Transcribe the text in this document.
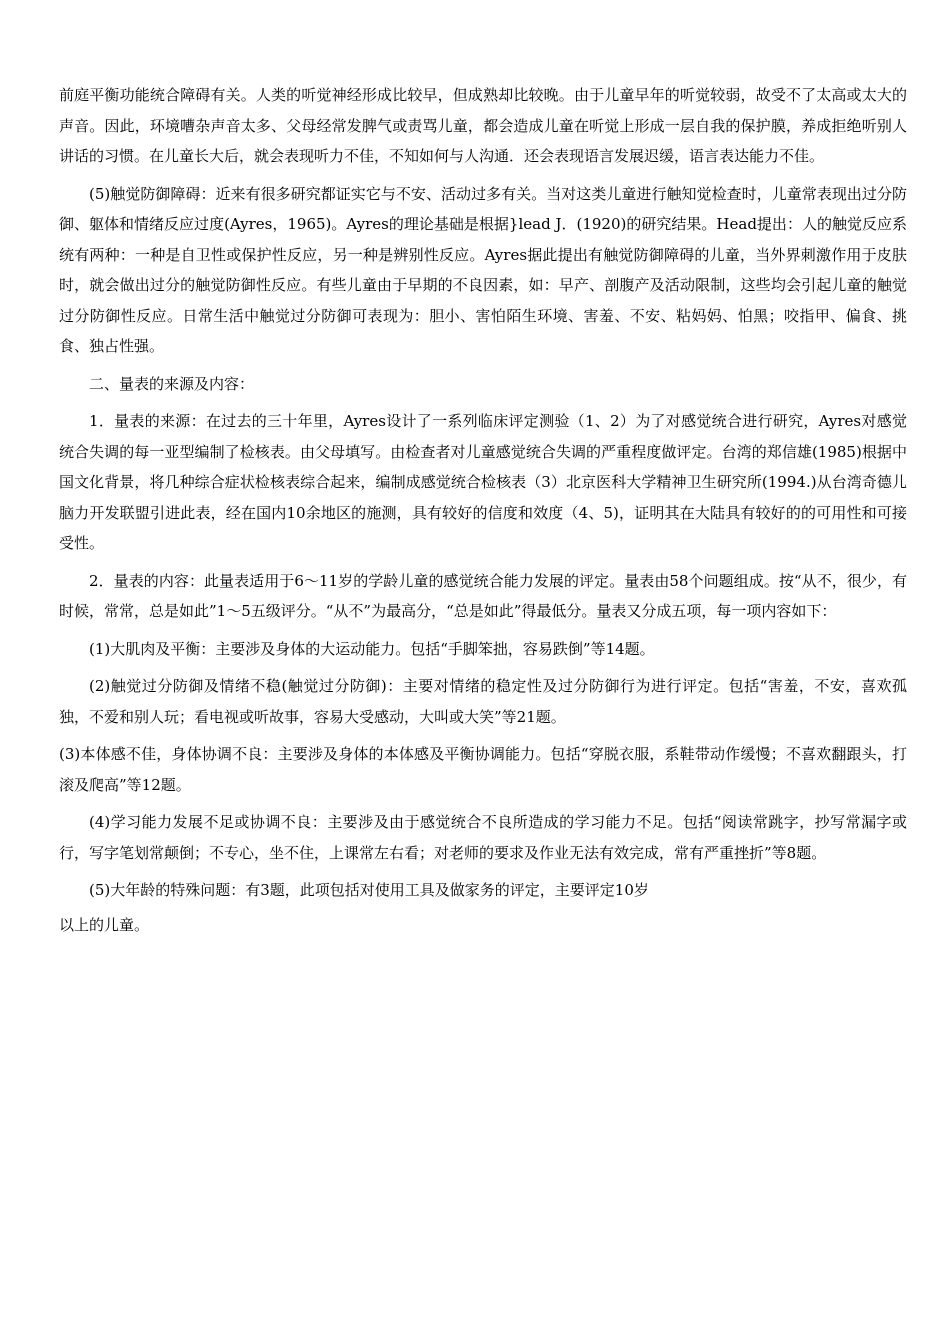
前庭平衡功能统合障碍有关。人类的听觉神经形成比较早，但成熟却比较晚。由于儿童早年的听觉较弱，故受不了太高或太大的声音。因此，环境嘈杂声音太多、父母经常发脾气或责骂儿童，都会造成儿童在听觉上形成一层自我的保护膜，养成拒绝听别人讲话的习惯。在儿童长大后，就会表现听力不佳，不知如何与人沟通．还会表现语言发展迟缓，语言表达能力不佳。

(5)触觉防御障碍：近来有很多研究都证实它与不安、活动过多有关。当对这类儿童进行触知觉检查时，儿童常表现出过分防御、躯体和情绪反应过度(Ayres，1965)。Ayres的理论基础是根据}lead J．(1920)的研究结果。Head提出：人的触觉反应系统有两种：一种是自卫性或保护性反应，另一种是辨别性反应。Ayres据此提出有触觉防御障碍的儿童，当外界刺激作用于皮肤时，就会做出过分的触觉防御性反应。有些儿童由于早期的不良因素，如：早产、剖腹产及活动限制，这些均会引起儿童的触觉过分防御性反应。日常生活中触觉过分防御可表现为：胆小、害怕陌生环境、害羞、不安、粘妈妈、怕黑；咬指甲、偏食、挑食、独占性强。

二、量表的来源及内容：

1．量表的来源：在过去的三十年里，Ayres设计了一系列临床评定测验（1、2）为了对感觉统合进行研究，Ayres对感觉统合失调的每一亚型编制了检核表。由父母填写。由检查者对儿童感觉统合失调的严重程度做评定。台湾的郑信雄(1985)根据中国文化背景，将几种综合症状检核表综合起来，编制成感觉统合检核表（3）北京医科大学精神卫生研究所(1994.)从台湾奇德儿脑力开发联盟引进此表，经在国内10余地区的施测，具有较好的信度和效度（4、5)，证明其在大陆具有较好的的可用性和可接受性。

2．量表的内容：此量表适用于6～11岁的学龄儿童的感觉统合能力发展的评定。量表由58个问题组成。按“从不，很少，有时候，常常，总是如此”1～5五级评分。“从不”为最高分，“总是如此”得最低分。量表又分成五项，每一项内容如下：

(1)大肌肉及平衡：主要涉及身体的大运动能力。包括“手脚笨拙，容易跌倒”等14题。

(2)触觉过分防御及情绪不稳(触觉过分防御)：主要对情绪的稳定性及过分防御行为进行评定。包括“害羞，不安，喜欢孤独，不爱和别人玩；看电视或听故事，容易大受感动，大叫或大笑”等21题。

(3)本体感不佳，身体协调不良：主要涉及身体的本体感及平衡协调能力。包括“穿脱衣服，系鞋带动作缓慢；不喜欢翻跟头，打滚及爬高”等12题。

(4)学习能力发展不足或协调不良：主要涉及由于感觉统合不良所造成的学习能力不足。包括“阅读常跳字，抄写常漏字或行，写字笔划常颠倒；不专心，坐不住，上课常左右看；对老师的要求及作业无法有效完成，常有严重挫折”等8题。

(5)大年龄的特殊问题：有3题，此项包括对使用工具及做家务的评定，主要评定10岁

以上的儿童。
